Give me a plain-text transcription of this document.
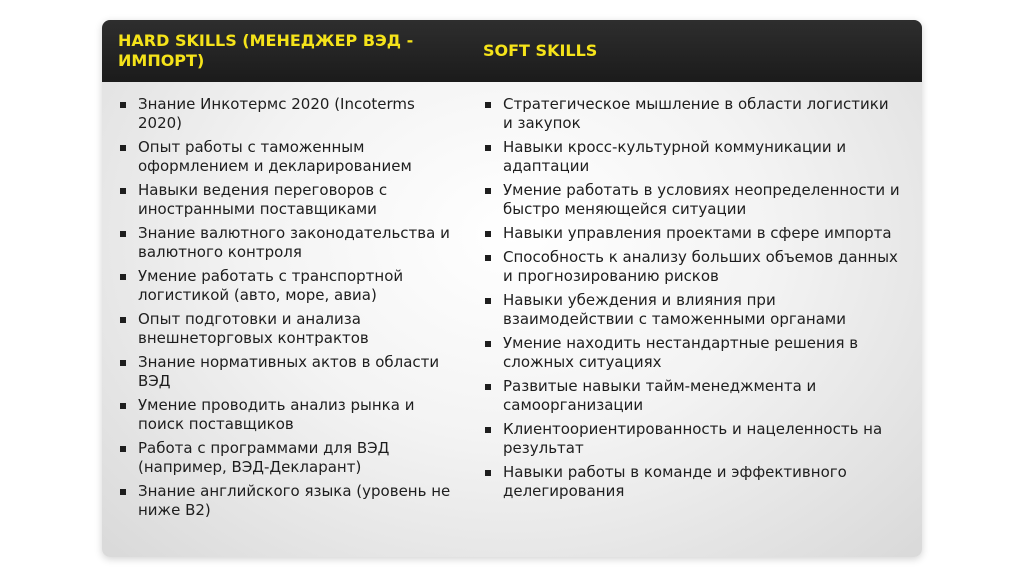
HARD SKILLS (МЕНЕДЖЕР ВЭД - ИМПОРТ)
SOFT SKILLS
Знание Инкотермс 2020 (Incoterms 2020)
Опыт работы с таможенным оформлением и декларированием
Навыки ведения переговоров с иностранными поставщиками
Знание валютного законодательства и валютного контроля
Умение работать с транспортной логистикой (авто, море, авиа)
Опыт подготовки и анализа внешнеторговых контрактов
Знание нормативных актов в области ВЭД
Умение проводить анализ рынка и поиск поставщиков
Работа с программами для ВЭД (например, ВЭД-Декларант)
Знание английского языка (уровень не ниже B2)
Стратегическое мышление в области логистики и закупок
Навыки кросс-культурной коммуникации и адаптации
Умение работать в условиях неопределенности и быстро меняющейся ситуации
Навыки управления проектами в сфере импорта
Способность к анализу больших объемов данных и прогнозированию рисков
Навыки убеждения и влияния при взаимодействии с таможенными органами
Умение находить нестандартные решения в сложных ситуациях
Развитые навыки тайм-менеджмента и самоорганизации
Клиентоориентированность и нацеленность на результат
Навыки работы в команде и эффективного делегирования
